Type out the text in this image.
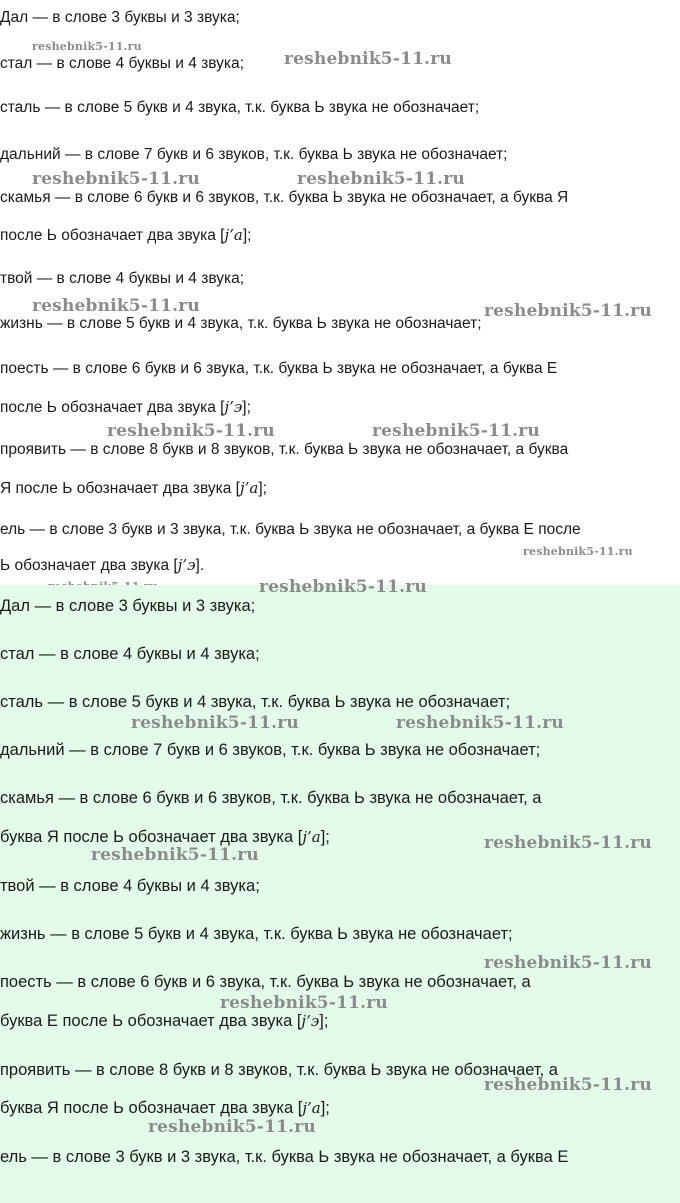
Дал — в слове 3 буквы и 3 звука;
стал — в слове 4 буквы и 4 звука;
сталь — в слове 5 букв и 4 звука, т.к. буква Ь звука не обозначает;
дальний — в слове 7 букв и 6 звуков, т.к. буква Ь звука не обозначает;
скамья — в слове 6 букв и 6 звуков, т.к. буква Ь звука не обозначает, а буква Я
после Ь обозначает два звука [j’a];
твой — в слове 4 буквы и 4 звука;
жизнь — в слове 5 букв и 4 звука, т.к. буква Ь звука не обозначает;
поесть — в слове 6 букв и 6 звука, т.к. буква Ь звука не обозначает, а буква Е
после Ь обозначает два звука [j’э];
проявить — в слове 8 букв и 8 звуков, т.к. буква Ь звука не обозначает, а буква
Я после Ь обозначает два звука [j’a];
ель — в слове 3 букв и 3 звука, т.к. буква Ь звука не обозначает, а буква Е после
Ь обозначает два звука [j’э].
reshebnik5-11.ru
reshebnik5-11.ru
reshebnik5-11.ru	reshebnik5-11.ru
reshebnik5-11.ru	reshebnik5-11.ru
reshebnik5-11.ru	reshebnik5-11.ru
reshebnik5-11.ru
Дал — в слове 3 буквы и 3 звука;
стал — в слове 4 буквы и 4 звука;
сталь — в слове 5 букв и 4 звука, т.к. буква Ь звука не обозначает;
дальний — в слове 7 букв и 6 звуков, т.к. буква Ь звука не обозначает;
скамья — в слове 6 букв и 6 звуков, т.к. буква Ь звука не обозначает, а
буква Я после Ь обозначает два звука [j’a];
твой — в слове 4 буквы и 4 звука;
жизнь — в слове 5 букв и 4 звука, т.к. буква Ь звука не обозначает;
поесть — в слове 6 букв и 6 звука, т.к. буква Ь звука не обозначает, а
буква Е после Ь обозначает два звука [j’э];
проявить — в слове 8 букв и 8 звуков, т.к. буква Ь звука не обозначает, а
буква Я после Ь обозначает два звука [j’a];
ель — в слове 3 букв и 3 звука, т.к. буква Ь звука не обозначает, а буква Е
reshebnik5-11.ru
reshebnik5-11.ru	reshebnik5-11.ru
reshebnik5-11.ru
reshebnik5-11.ru
reshebnik5-11.ru
reshebnik5-11.ru
reshebnik5-11.ru
reshebnik5-11.ru
